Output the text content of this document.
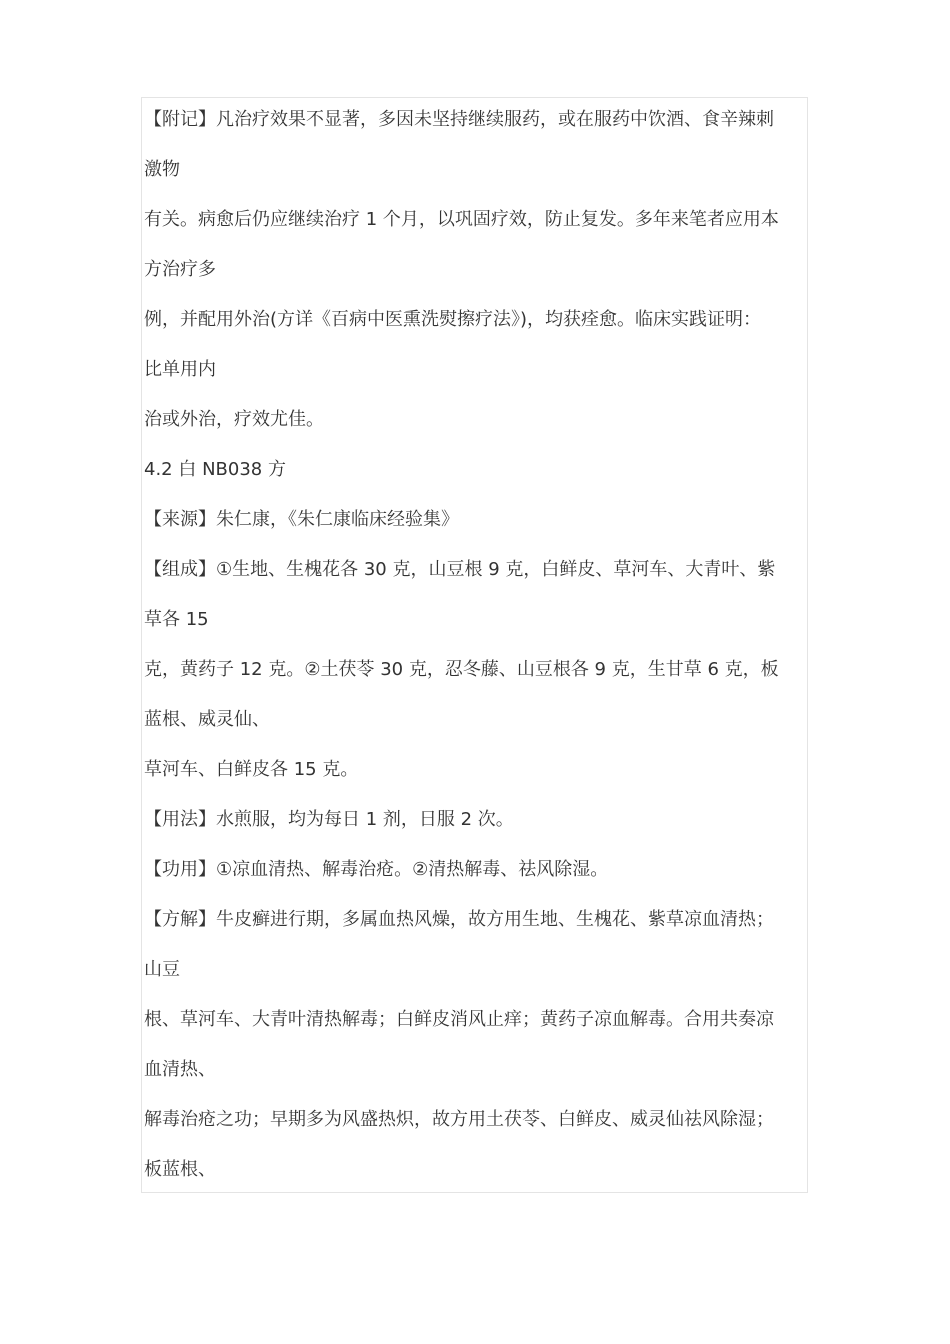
【附记】凡治疗效果不显著，多因未坚持继续服药，或在服药中饮酒、食辛辣刺
激物
有关。病愈后仍应继续治疗 1 个月，以巩固疗效，防止复发。多年来笔者应用本
方治疗多
例，并配用外治(方详《百病中医熏洗熨擦疗法》)，均获痊愈。临床实践证明：
比单用内
治或外治，疗效尤佳。
4.2 白 NB038 方
【来源】朱仁康，《朱仁康临床经验集》
【组成】①生地、生槐花各 30 克，山豆根 9 克，白鲜皮、草河车、大青叶、紫
草各 15
克，黄药子 12 克。②土茯苓 30 克，忍冬藤、山豆根各 9 克，生甘草 6 克，板
蓝根、威灵仙、
草河车、白鲜皮各 15 克。
【用法】水煎服，均为每日 1 剂，日服 2 次。
【功用】①凉血清热、解毒治疮。②清热解毒、祛风除湿。
【方解】牛皮癣进行期，多属血热风燥，故方用生地、生槐花、紫草凉血清热；
山豆
根、草河车、大青叶清热解毒；白鲜皮消风止痒；黄药子凉血解毒。合用共奏凉
血清热、
解毒治疮之功；早期多为风盛热炽，故方用土茯苓、白鲜皮、威灵仙祛风除湿；
板蓝根、
